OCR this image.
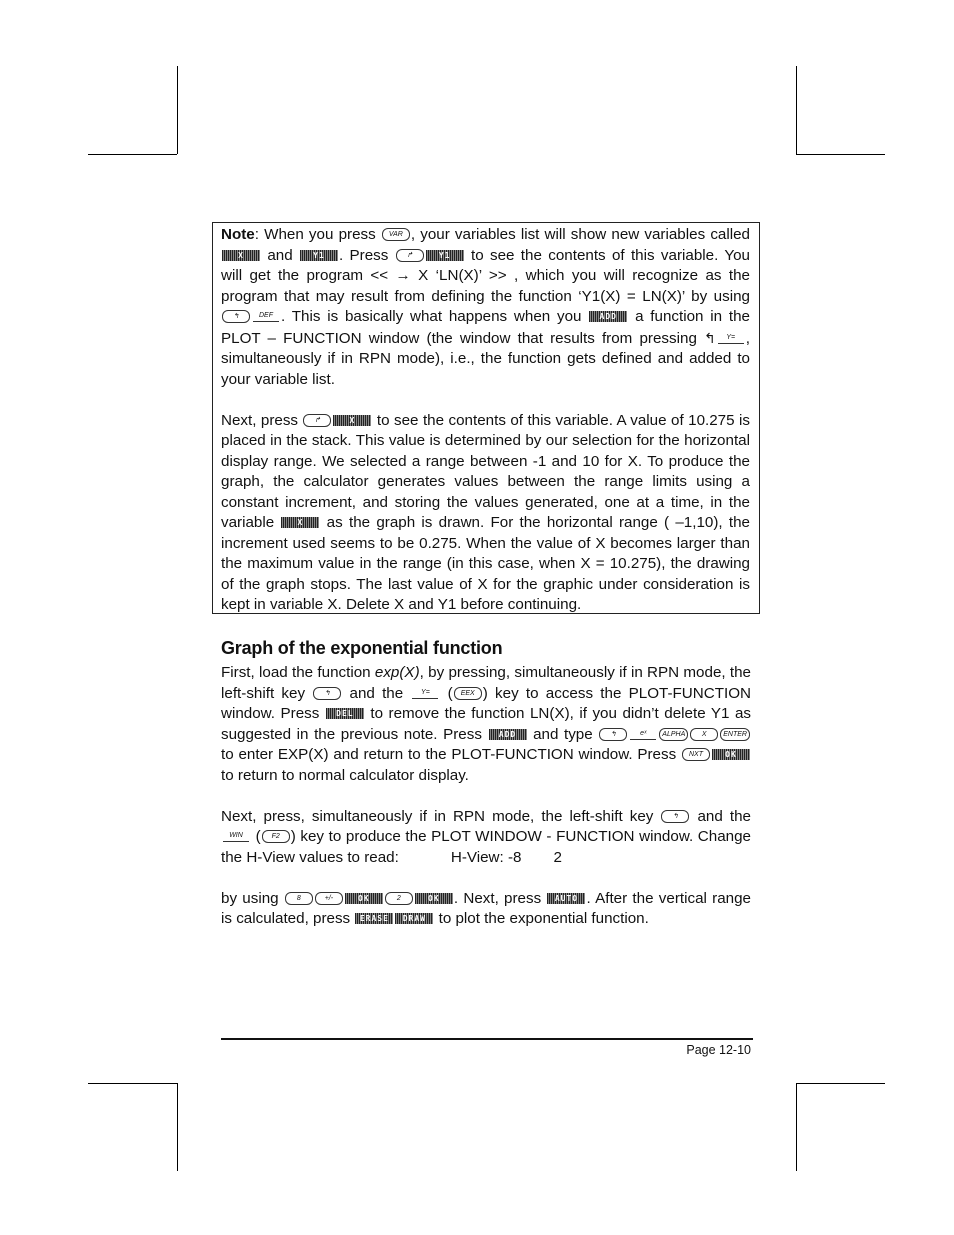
Note: When you press VAR , your variables list will show new variables called X and Y1 . Press ↱	Y1 to see the contents of this variable. You will get the program << → X ‘LN(X)’ >> , which you will recognize as the program that may result from defining the function ‘Y1(X) = LN(X)’ by using ↰	DEF . This is basically what happens when you ADD a function in the PLOT – FUNCTION window (the window that results from pressing ↰ Y= , simultaneously if in RPN mode), i.e., the function gets defined and added to your variable list.

Next, press ↱	X to see the contents of this variable. A value of 10.275 is placed in the stack. This value is determined by our selection for the horizontal display range. We selected a range between -1 and 10 for X. To produce the graph, the calculator generates values between the range limits using a constant increment, and storing the values generated, one at a time, in the variable X as the graph is drawn. For the horizontal range ( –1,10), the increment used seems to be 0.275. When the value of X becomes larger than the maximum value in the range (in this case, when X = 10.275), the drawing of the graph stops. The last value of X for the graphic under consideration is kept in variable X. Delete X and Y1 before continuing.

Graph of the exponential function

First, load the function exp(X), by pressing, simultaneously if in RPN mode, the left-shift key ↰ and the Y= ( EEX ) key to access the PLOT-FUNCTION window. Press DEL to remove the function LN(X), if you didn’t delete Y1 as suggested in the previous note. Press ADD and type ↰	eˣ ALPHA X ENTER to enter EXP(X) and return to the PLOT-FUNCTION window. Press NXT	OK to return to normal calculator display.

Next, press, simultaneously if in RPN mode, the left-shift key ↰ and the WIN ( F2 ) key to produce the PLOT WINDOW - FUNCTION window. Change the H-View values to read:	H-View: -8 2

by using 8	+/-	OK	2	OK . Next, press AUTO . After the vertical range is calculated, press ERASE DRAW to plot the exponential function.

Page 12-10
